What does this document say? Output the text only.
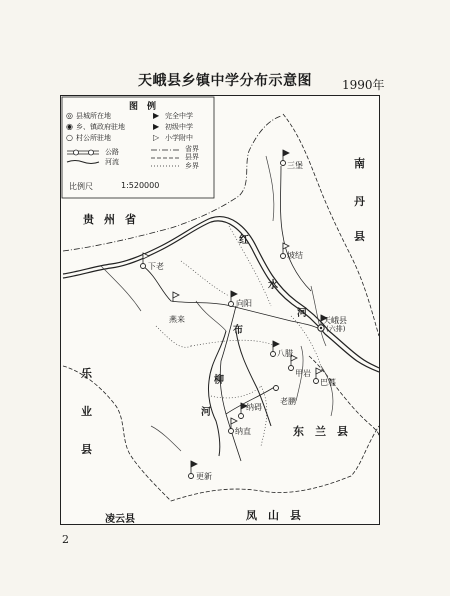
天峨县乡镇中学分布示意图	1990年
图　例
◎ 县城所在地
◉ 乡、镇政府驻地
○ 村公所驻地
▶ 完全中学
▶ 初级中学
▷ 小学附中
公路
河流
省界
县界
乡界
比例尺	1:520000
贵州省
南
丹
县
乐
业
县
东　兰　县
凤　山　县
凌云县
红
水
河
布
柳
河
三堡
坡结
下老
向阳
燕来	天峨县
(六排)
八腊
甲岩
巴暮
纳碍
老鹏
纳直
更新
2
